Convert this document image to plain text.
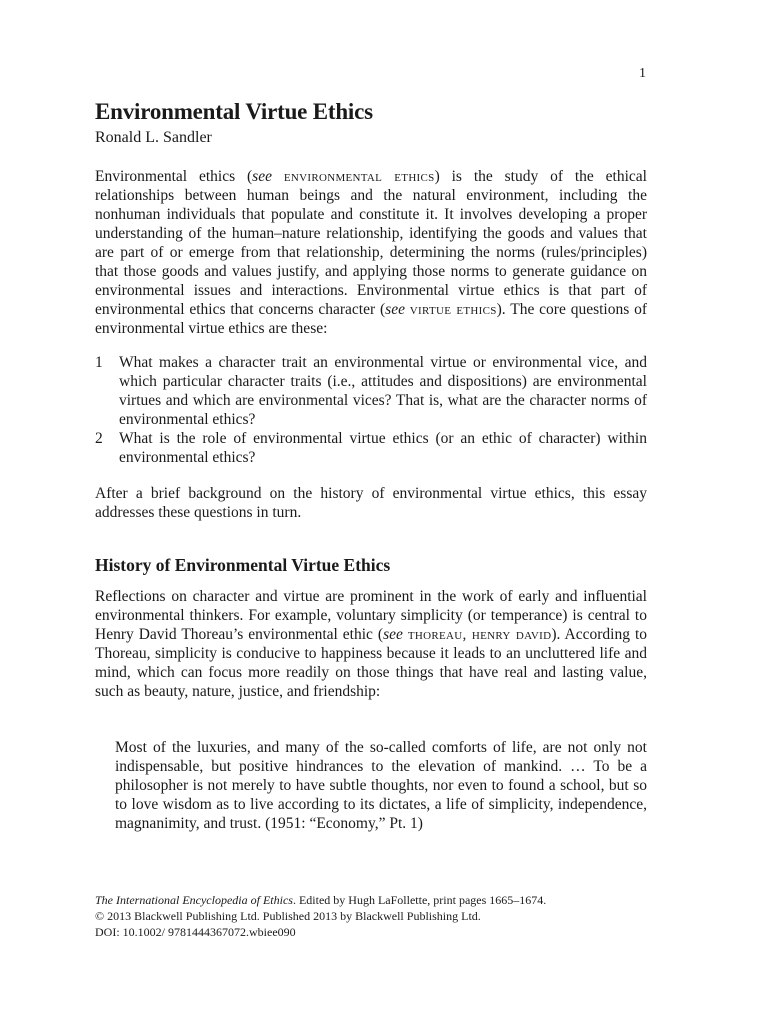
1
Environmental Virtue Ethics
Ronald L. Sandler

Environmental ethics (see environmental ethics) is the study of the ethical relationships between human beings and the natural environment, including the nonhuman individuals that populate and constitute it. It involves developing a proper understanding of the human–nature relationship, identifying the goods and values that are part of or emerge from that relationship, determining the norms (rules/principles) that those goods and values justify, and applying those norms to generate guidance on environmental issues and interactions. Environmental virtue ethics is that part of environmental ethics that concerns character (see virtue ethics). The core questions of environmental virtue ethics are these:

1 What makes a character trait an environmental virtue or environmental vice, and which particular character traits (i.e., attitudes and dispositions) are environmental virtues and which are environmental vices? That is, what are the character norms of environmental ethics?
2 What is the role of environmental virtue ethics (or an ethic of character) within environmental ethics?

After a brief background on the history of environmental virtue ethics, this essay addresses these questions in turn.

History of Environmental Virtue Ethics

Reflections on character and virtue are prominent in the work of early and influential environmental thinkers. For example, voluntary simplicity (or temperance) is central to Henry David Thoreau’s environmental ethic (see thoreau, henry david). According to Thoreau, simplicity is conducive to happiness because it leads to an uncluttered life and mind, which can focus more readily on those things that have real and lasting value, such as beauty, nature, justice, and friendship:

Most of the luxuries, and many of the so-called comforts of life, are not only not indispensable, but positive hindrances to the elevation of mankind. … To be a philosopher is not merely to have subtle thoughts, nor even to found a school, but so to love wisdom as to live according to its dictates, a life of simplicity, independence, magnanimity, and trust. (1951: “Economy,” Pt. 1)
The International Encyclopedia of Ethics. Edited by Hugh LaFollette, print pages 1665–1674.
© 2013 Blackwell Publishing Ltd. Published 2013 by Blackwell Publishing Ltd.
DOI: 10.1002/ 9781444367072.wbiee090
